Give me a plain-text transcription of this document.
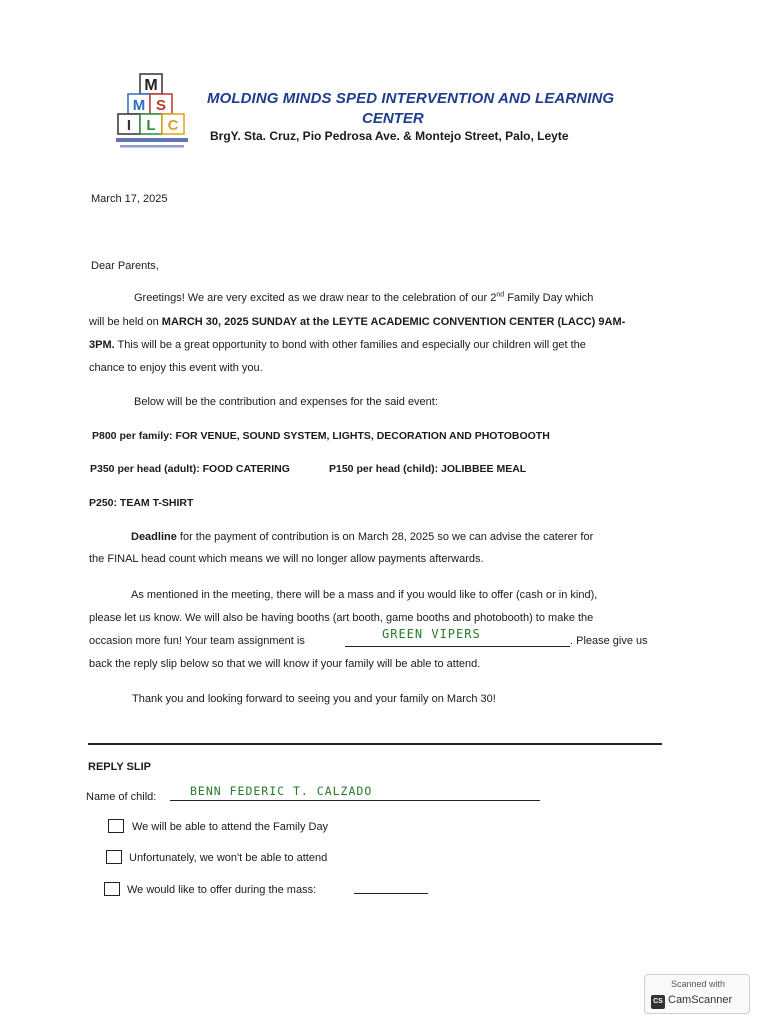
M
M S
I L C
MOLDING MINDS SPED INTERVENTION AND LEARNING
CENTER
BrgY. Sta. Cruz, Pio Pedrosa Ave. & Montejo Street, Palo, Leyte
March 17, 2025
Dear Parents,
Greetings! We are very excited as we draw near to the celebration of our 2nd Family Day which
will be held on MARCH 30, 2025 SUNDAY at the LEYTE ACADEMIC CONVENTION CENTER (LACC) 9AM-
3PM. This will be a great opportunity to bond with other families and especially our children will get the
chance to enjoy this event with you.
Below will be the contribution and expenses for the said event:
P800 per family: FOR VENUE, SOUND SYSTEM, LIGHTS, DECORATION AND PHOTOBOOTH
P350 per head (adult): FOOD CATERING	P150 per head (child): JOLIBBEE MEAL
P250: TEAM T-SHIRT
Deadline for the payment of contribution is on March 28, 2025 so we can advise the caterer for
the FINAL head count which means we will no longer allow payments afterwards.
As mentioned in the meeting, there will be a mass and if you would like to offer (cash or in kind),
please let us know. We will also be having booths (art booth, game booths and photobooth) to make the
occasion more fun! Your team assignment is	GREEN VIPERS	. Please give us
back the reply slip below so that we will know if your family will be able to attend.
Thank you and looking forward to seeing you and your family on March 30!
REPLY SLIP
Name of child:	BENN FEDERIC T. CALZADO
We will be able to attend the Family Day
Unfortunately, we won't be able to attend
We would like to offer during the mass:
Scanned with
CS CamScanner
